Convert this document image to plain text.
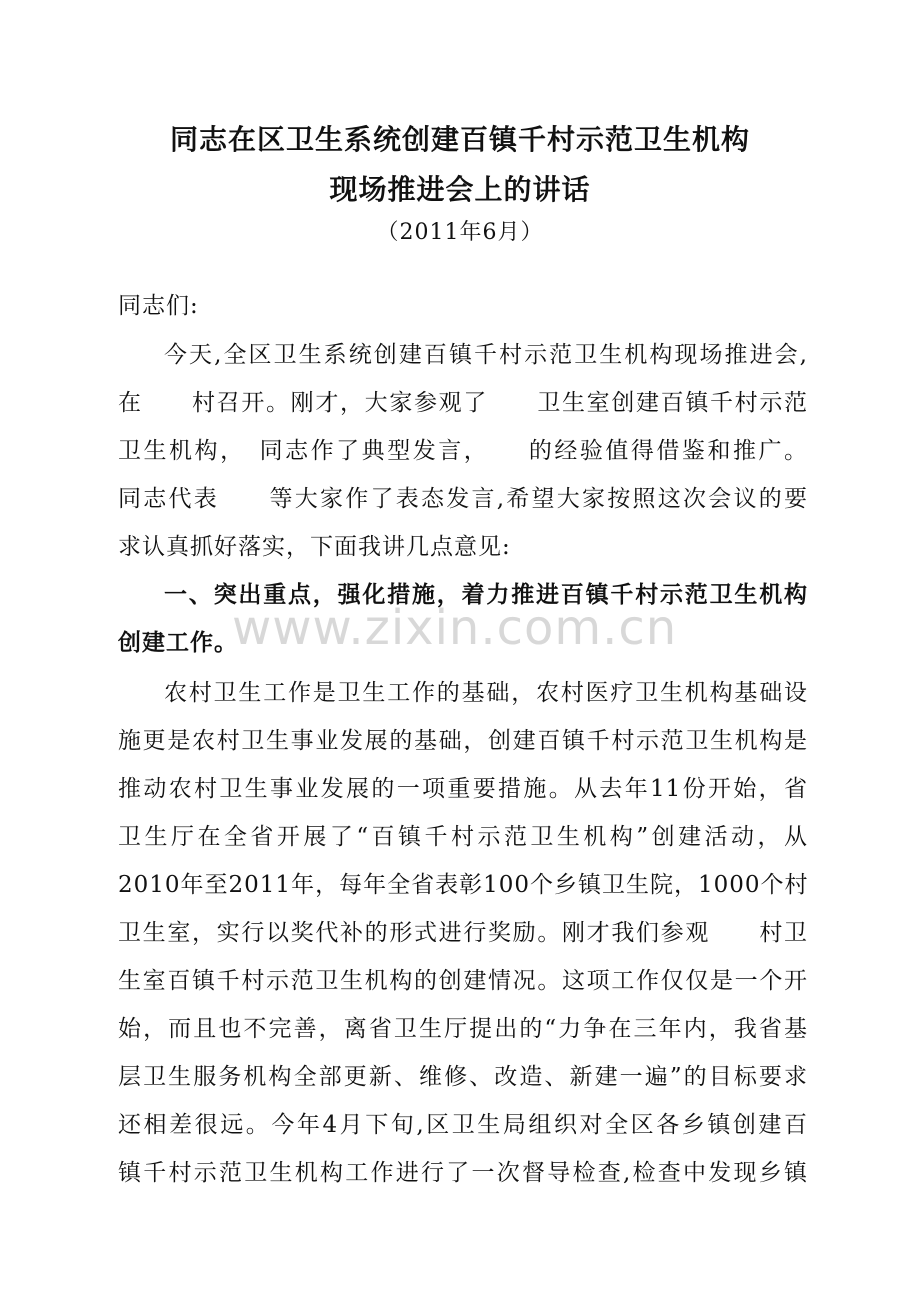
www.zixin.com.cn
同志在区卫生系统创建百镇千村示范卫生机构
现场推进会上的讲话
（2011年6月）
同志们:
今天,全区卫生系统创建百镇千村示范卫生机构现场推进会,
在　　村召开。刚才，大家参观了　　卫生室创建百镇千村示范
卫生机构，　同志作了典型发言，　　的经验值得借鉴和推广。
同志代表　　等大家作了表态发言,希望大家按照这次会议的要
求认真抓好落实，下面我讲几点意见:
一、突出重点，强化措施，着力推进百镇千村示范卫生机构
创建工作。
农村卫生工作是卫生工作的基础，农村医疗卫生机构基础设
施更是农村卫生事业发展的基础，创建百镇千村示范卫生机构是
推动农村卫生事业发展的一项重要措施。从去年11份开始，省
卫生厅在全省开展了“百镇千村示范卫生机构”创建活动，从
2010年至2011年，每年全省表彰100个乡镇卫生院，1000个村
卫生室，实行以奖代补的形式进行奖励。刚才我们参观　　村卫
生室百镇千村示范卫生机构的创建情况。这项工作仅仅是一个开
始，而且也不完善，离省卫生厅提出的“力争在三年内，我省基
层卫生服务机构全部更新、维修、改造、新建一遍”的目标要求
还相差很远。今年4月下旬,区卫生局组织对全区各乡镇创建百
镇千村示范卫生机构工作进行了一次督导检查,检查中发现乡镇
